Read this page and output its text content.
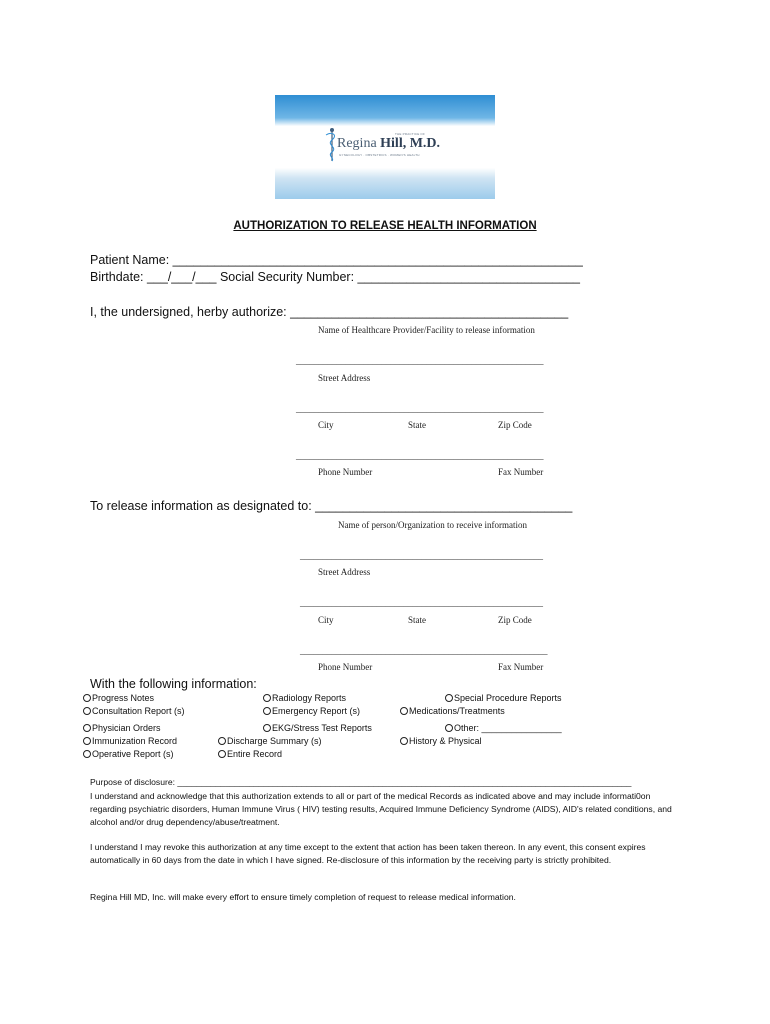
THE PRACTICE OF
Regina Hill, M.D.
GYNECOLOGY · OBSTETRICS · WOMEN'S HEALTH
AUTHORIZATION TO RELEASE HEALTH INFORMATION
Patient Name: ___________________________________________________________
Birthdate: ___/___/___ Social Security Number: ________________________________
I, the undersigned, herby authorize: ________________________________________
Name of Healthcare Provider/Facility to release information
_______________________________________________________
Street Address
_______________________________________________________
City	State	Zip Code
_______________________________________________________
Phone Number	Fax Number
To release information as designated to: _____________________________________
Name of person/Organization to receive information
______________________________________________________
Street Address
______________________________________________________
City	State	Zip Code
_______________________________________________________
Phone Number	Fax Number
With the following information:
Progress Notes
Consultation Report (s)
Physician Orders
Immunization Record
Operative Report (s)
Radiology Reports
Emergency Report (s)
EKG/Stress Test Reports
Discharge Summary (s)
Entire Record
Special Procedure Reports
Medications/Treatments
Other: ________________
History & Physical
Purpose of disclosure: _______________________________________________________________________________________________
I understand and acknowledge that this authorization extends to all or part of the medical Records as indicated above and may include informati0on regarding psychiatric disorders, Human Immune Virus ( HIV) testing results, Acquired Immune Deficiency Syndrome (AIDS), AID's related conditions, and alcohol and/or drug dependency/abuse/treatment.
I understand I may revoke this authorization at any time except to the extent that action has been taken thereon. In any event, this consent expires automatically in 60 days from the date in which I have signed. Re-disclosure of this information by the receiving party is strictly prohibited.
Regina Hill MD, Inc. will make every effort to ensure timely completion of request to release medical information.
